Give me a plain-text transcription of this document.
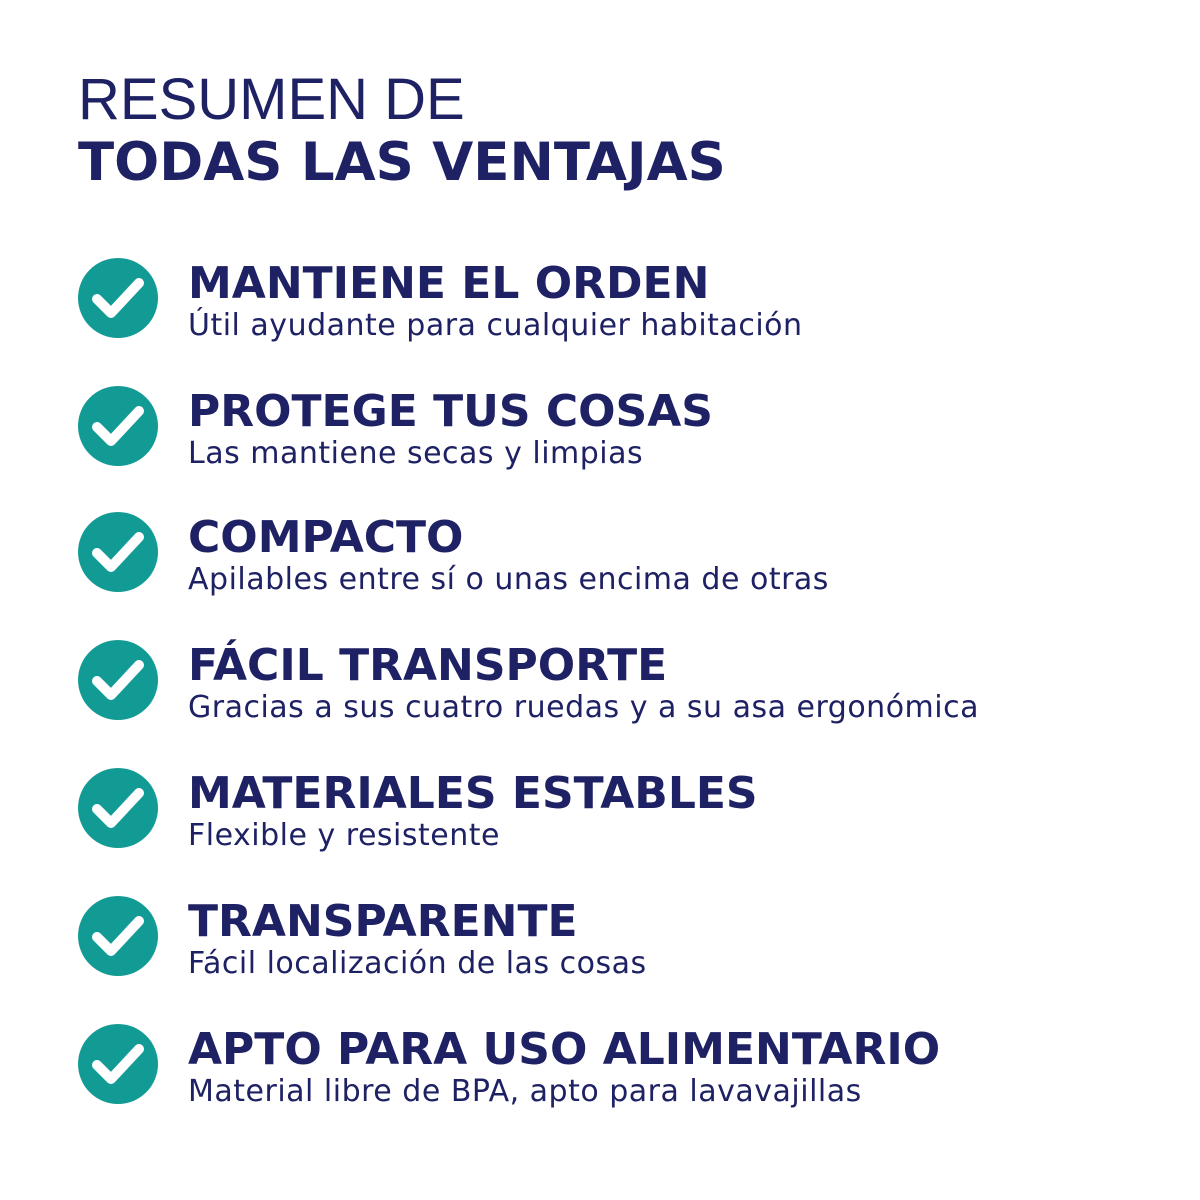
RESUMEN DE
TODAS LAS VENTAJAS
MANTIENE EL ORDEN
Útil ayudante para cualquier habitación
PROTEGE TUS COSAS
Las mantiene secas y limpias
COMPACTO
Apilables entre sí o unas encima de otras
FÁCIL TRANSPORTE
Gracias a sus cuatro ruedas y a su asa ergonómica
MATERIALES ESTABLES
Flexible y resistente
TRANSPARENTE
Fácil localización de las cosas
APTO PARA USO ALIMENTARIO
Material libre de BPA, apto para lavavajillas
